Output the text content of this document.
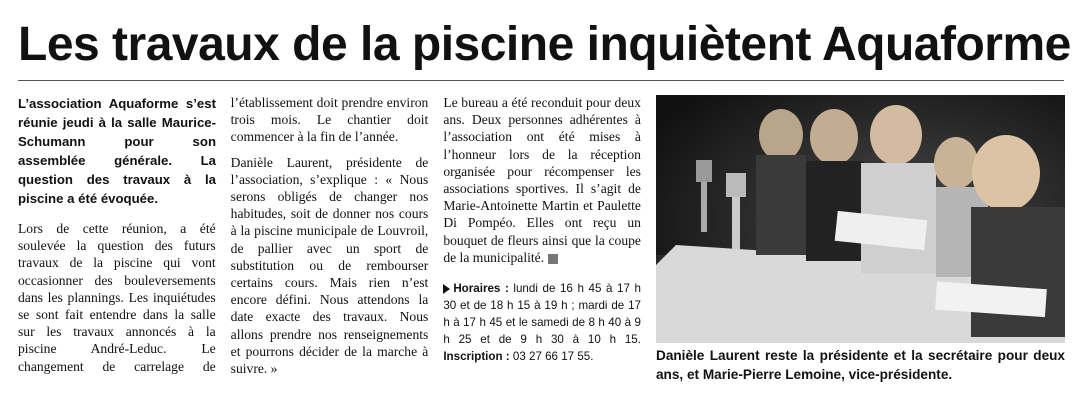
Les travaux de la piscine inquiètent Aquaforme

L’association Aquaforme s’est réunie jeudi à la salle Maurice-Schumann pour son assemblée générale. La question des travaux à la piscine a été évoquée.

Danièle Laurent reste la présidente et la secrétaire pour deux ans, et Marie-Pierre Lemoine, vice-présidente.

Lors de cette réunion, a été soulevée la question des futurs travaux de la piscine qui vont occasionner des bouleversements dans les plannings. Les inquiétudes se sont fait entendre dans la salle sur les travaux annoncés à la piscine André-Leduc. Le changement de carrelage de l’établissement doit prendre environ trois mois. Le chantier doit commencer à la fin de l’année.

Danièle Laurent, présidente de l’association, s’explique : « Nous serons obligés de changer nos habitudes, soit de donner nos cours à la piscine municipale de Louvroil, de pallier avec un sport de substitution ou de rembourser certains cours. Mais rien n’est encore défini. Nous attendons la date exacte des travaux. Nous allons prendre nos renseignements et pourrons décider de la marche à suivre. »

Le bureau a été reconduit pour deux ans. Deux personnes adhérentes à l’association ont été mises à l’honneur lors de la réception organisée pour récompenser les associations sportives. Il s’agit de Marie-Antoinette Martin et Paulette Di Pompéo. Elles ont reçu un bouquet de fleurs ainsi que la coupe de la municipalité.

Horaires : lundi de 16 h 45 à 17 h 30 et de 18 h 15 à 19 h ; mardi de 17 h à 17 h 45 et le samedi de 8 h 40 à 9 h 25 et de 9 h 30 à 10 h 15. Inscription : 03 27 66 17 55.
